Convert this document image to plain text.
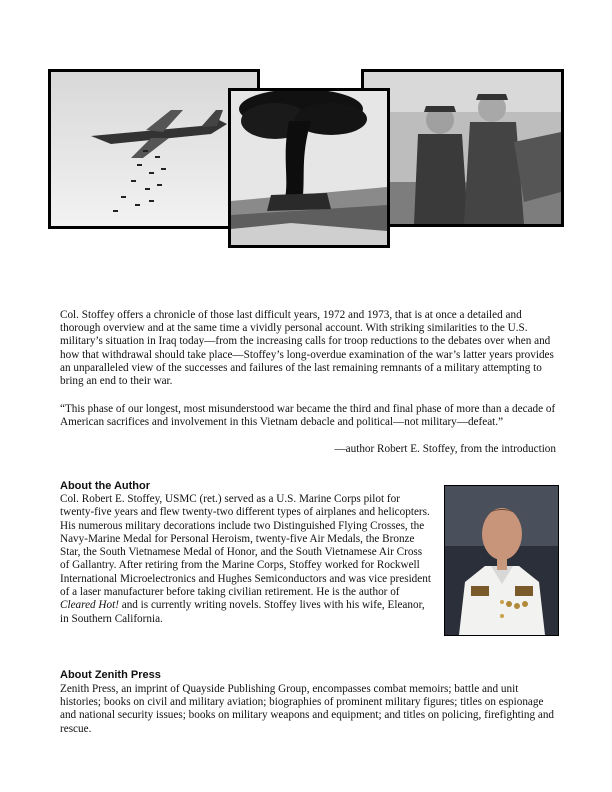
Col. Stoffey offers a chronicle of those last difficult years, 1972 and 1973, that is at once a detailed and thorough overview and at the same time a vividly personal account. With striking similarities to the U.S. military’s situation in Iraq today—from the increasing calls for troop reductions to the debates over when and how that withdrawal should take place—Stoffey’s long-overdue examination of the war’s latter years provides an unparalleled view of the successes and failures of the last remaining remnants of a military attempting to bring an end to their war.

“This phase of our longest, most misunderstood war became the third and final phase of more than a decade of American sacrifices and involvement in this Vietnam debacle and political—not military—defeat.”

—author Robert E. Stoffey, from the introduction

About the Author

Col. Robert E. Stoffey, USMC (ret.) served as a U.S. Marine Corps pilot for twenty-five years and flew twenty-two different types of airplanes and helicopters. His numerous military decorations include two Distinguished Flying Crosses, the Navy-Marine Medal for Personal Heroism, twenty-five Air Medals, the Bronze Star, the South Vietnamese Medal of Honor, and the South Vietnamese Air Cross of Gallantry. After retiring from the Marine Corps, Stoffey worked for Rockwell International Microelectronics and Hughes Semiconductors and was vice president of a laser manufacturer before taking civilian retirement. He is the author of Cleared Hot! and is currently writing novels. Stoffey lives with his wife, Eleanor, in Southern California.

About Zenith Press

Zenith Press, an imprint of Quayside Publishing Group, encompasses combat memoirs; battle and unit histories; books on civil and military aviation; biographies of prominent military figures; titles on espionage and national security issues; books on military weapons and equipment; and titles on policing, firefighting and rescue.
